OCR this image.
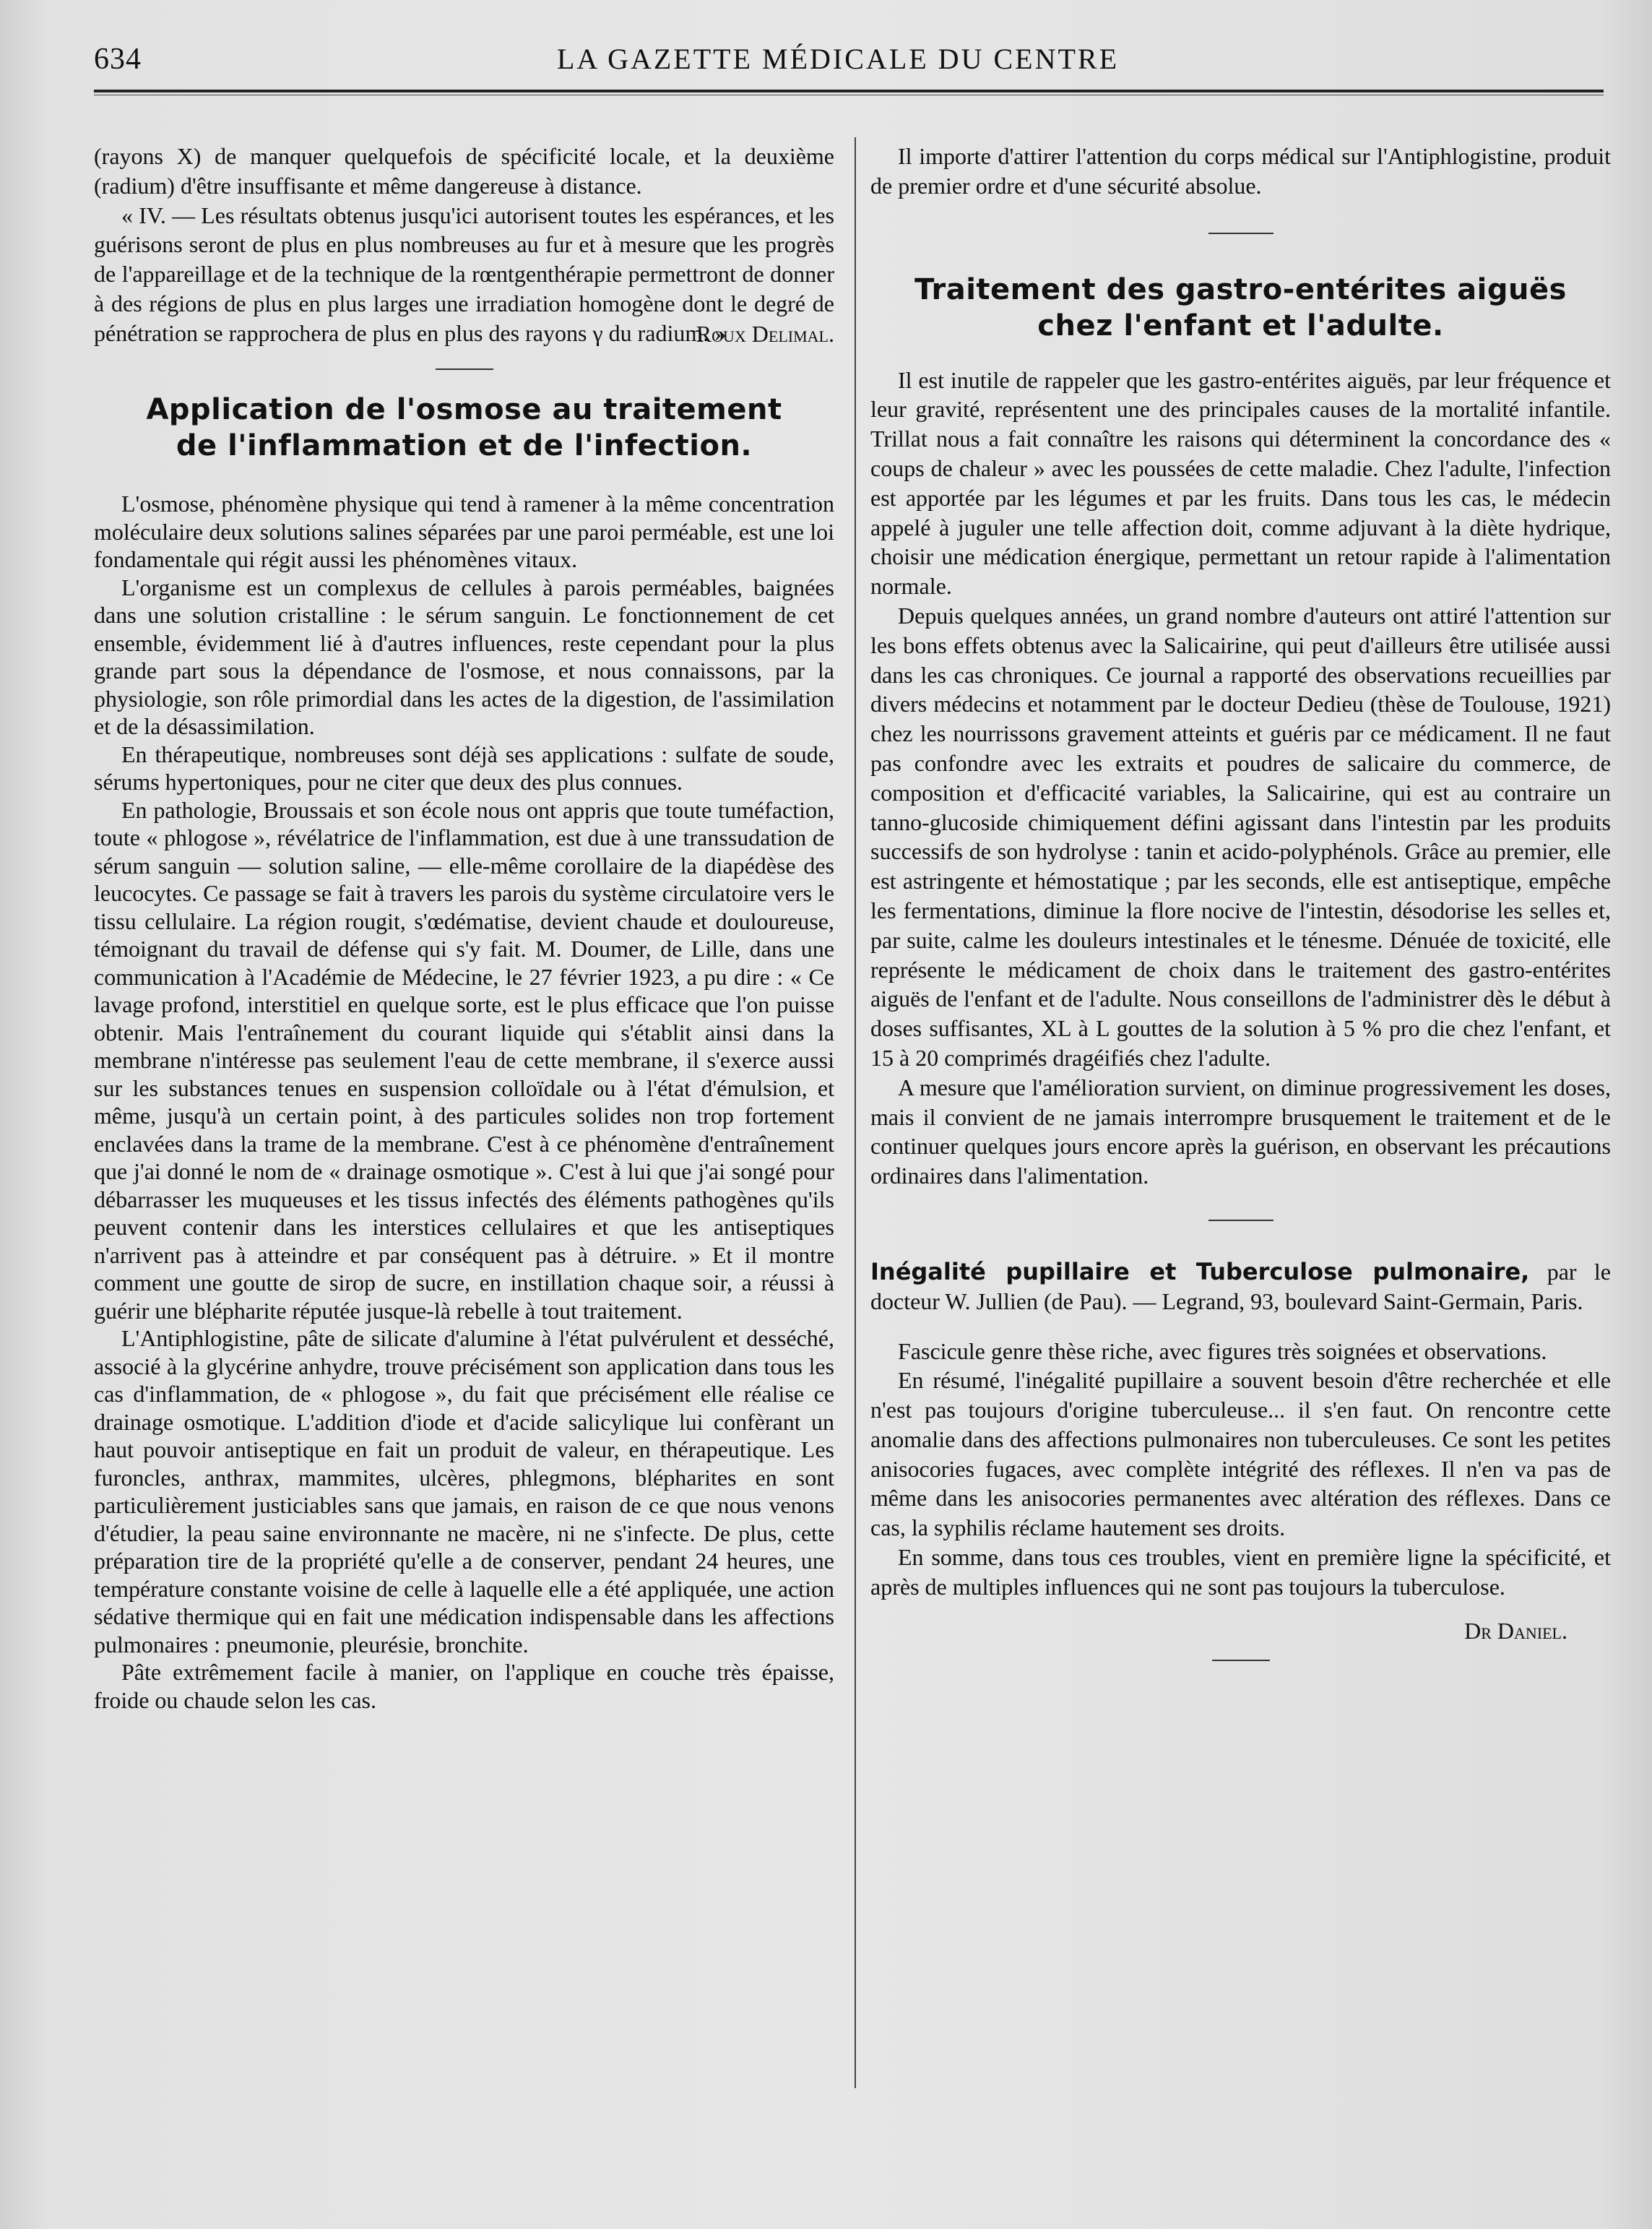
634	LA GAZETTE MÉDICALE DU CENTRE

(rayons X) de manquer quelquefois de spécificité locale, et la deuxième (radium) d'être insuffisante et même dangereuse à distance.

« IV. — Les résultats obtenus jusqu'ici autorisent toutes les espérances, et les guérisons seront de plus en plus nombreuses au fur et à mesure que les progrès de l'appareillage et de la technique de la rœntgenthérapie permettront de donner à des régions de plus en plus larges une irradiation homogène dont le degré de pénétration se rapprochera de plus en plus des rayons γ du radium. »

Roux Delimal.

Application de l'osmose au traitement
de l'inflammation et de l'infection.

L'osmose, phénomène physique qui tend à ramener à la même concentration moléculaire deux solutions salines séparées par une paroi perméable, est une loi fondamentale qui régit aussi les phénomènes vitaux.

L'organisme est un complexus de cellules à parois perméables, baignées dans une solution cristalline : le sérum sanguin. Le fonctionnement de cet ensemble, évidemment lié à d'autres influences, reste cependant pour la plus grande part sous la dépendance de l'osmose, et nous connaissons, par la physiologie, son rôle primordial dans les actes de la digestion, de l'assimilation et de la désassimilation.

En thérapeutique, nombreuses sont déjà ses applications : sulfate de soude, sérums hypertoniques, pour ne citer que deux des plus connues.

En pathologie, Broussais et son école nous ont appris que toute tuméfaction, toute « phlogose », révélatrice de l'inflammation, est due à une transsudation de sérum sanguin — solution saline, — elle-même corollaire de la diapédèse des leucocytes. Ce passage se fait à travers les parois du système circulatoire vers le tissu cellulaire. La région rougit, s'œdématise, devient chaude et douloureuse, témoignant du travail de défense qui s'y fait. M. Doumer, de Lille, dans une communication à l'Académie de Médecine, le 27 février 1923, a pu dire : « Ce lavage profond, interstitiel en quelque sorte, est le plus efficace que l'on puisse obtenir. Mais l'entraînement du courant liquide qui s'établit ainsi dans la membrane n'intéresse pas seulement l'eau de cette membrane, il s'exerce aussi sur les substances tenues en suspension colloïdale ou à l'état d'émulsion, et même, jusqu'à un certain point, à des particules solides non trop fortement enclavées dans la trame de la membrane. C'est à ce phénomène d'entraînement que j'ai donné le nom de « drainage osmotique ». C'est à lui que j'ai songé pour débarrasser les muqueuses et les tissus infectés des éléments pathogènes qu'ils peuvent contenir dans les interstices cellulaires et que les antiseptiques n'arrivent pas à atteindre et par conséquent pas à détruire. » Et il montre comment une goutte de sirop de sucre, en instillation chaque soir, a réussi à guérir une blépharite réputée jusque-là rebelle à tout traitement.

L'Antiphlogistine, pâte de silicate d'alumine à l'état pulvérulent et desséché, associé à la glycérine anhydre, trouve précisément son application dans tous les cas d'inflammation, de « phlogose », du fait que précisément elle réalise ce drainage osmotique. L'addition d'iode et d'acide salicylique lui confèrant un haut pouvoir antiseptique en fait un produit de valeur, en thérapeutique. Les furoncles, anthrax, mammites, ulcères, phlegmons, blépharites en sont particulièrement justiciables sans que jamais, en raison de ce que nous venons d'étudier, la peau saine environnante ne macère, ni ne s'infecte. De plus, cette préparation tire de la propriété qu'elle a de conserver, pendant 24 heures, une température constante voisine de celle à laquelle elle a été appliquée, une action sédative thermique qui en fait une médication indispensable dans les affections pulmonaires : pneumonie, pleurésie, bronchite.

Pâte extrêmement facile à manier, on l'applique en couche très épaisse, froide ou chaude selon les cas.

Il importe d'attirer l'attention du corps médical sur l'Antiphlogistine, produit de premier ordre et d'une sécurité absolue.

Traitement des gastro-entérites aiguës
chez l'enfant et l'adulte.

Il est inutile de rappeler que les gastro-entérites aiguës, par leur fréquence et leur gravité, représentent une des principales causes de la mortalité infantile. Trillat nous a fait connaître les raisons qui déterminent la concordance des « coups de chaleur » avec les poussées de cette maladie. Chez l'adulte, l'infection est apportée par les légumes et par les fruits. Dans tous les cas, le médecin appelé à juguler une telle affection doit, comme adjuvant à la diète hydrique, choisir une médication énergique, permettant un retour rapide à l'alimentation normale.

Depuis quelques années, un grand nombre d'auteurs ont attiré l'attention sur les bons effets obtenus avec la Salicairine, qui peut d'ailleurs être utilisée aussi dans les cas chroniques. Ce journal a rapporté des observations recueillies par divers médecins et notamment par le docteur Dedieu (thèse de Toulouse, 1921) chez les nourrissons gravement atteints et guéris par ce médicament. Il ne faut pas confondre avec les extraits et poudres de salicaire du commerce, de composition et d'efficacité variables, la Salicairine, qui est au contraire un tanno-glucoside chimiquement défini agissant dans l'intestin par les produits successifs de son hydrolyse : tanin et acido-polyphénols. Grâce au premier, elle est astringente et hémostatique ; par les seconds, elle est antiseptique, empêche les fermentations, diminue la flore nocive de l'intestin, désodorise les selles et, par suite, calme les douleurs intestinales et le ténesme. Dénuée de toxicité, elle représente le médicament de choix dans le traitement des gastro-entérites aiguës de l'enfant et de l'adulte. Nous conseillons de l'administrer dès le début à doses suffisantes, XL à L gouttes de la solution à 5 % pro die chez l'enfant, et 15 à 20 comprimés dragéifiés chez l'adulte.

A mesure que l'amélioration survient, on diminue progressivement les doses, mais il convient de ne jamais interrompre brusquement le traitement et de le continuer quelques jours encore après la guérison, en observant les précautions ordinaires dans l'alimentation.

Inégalité pupillaire et Tuberculose pulmonaire, par le docteur W. Jullien (de Pau). — Legrand, 93, boulevard Saint-Germain, Paris.

Fascicule genre thèse riche, avec figures très soignées et observations.

En résumé, l'inégalité pupillaire a souvent besoin d'être recherchée et elle n'est pas toujours d'origine tuberculeuse... il s'en faut. On rencontre cette anomalie dans des affections pulmonaires non tuberculeuses. Ce sont les petites anisocories fugaces, avec complète intégrité des réflexes. Il n'en va pas de même dans les anisocories permanentes avec altération des réflexes. Dans ce cas, la syphilis réclame hautement ses droits.

En somme, dans tous ces troubles, vient en première ligne la spécificité, et après de multiples influences qui ne sont pas toujours la tuberculose.

Dr Daniel.
